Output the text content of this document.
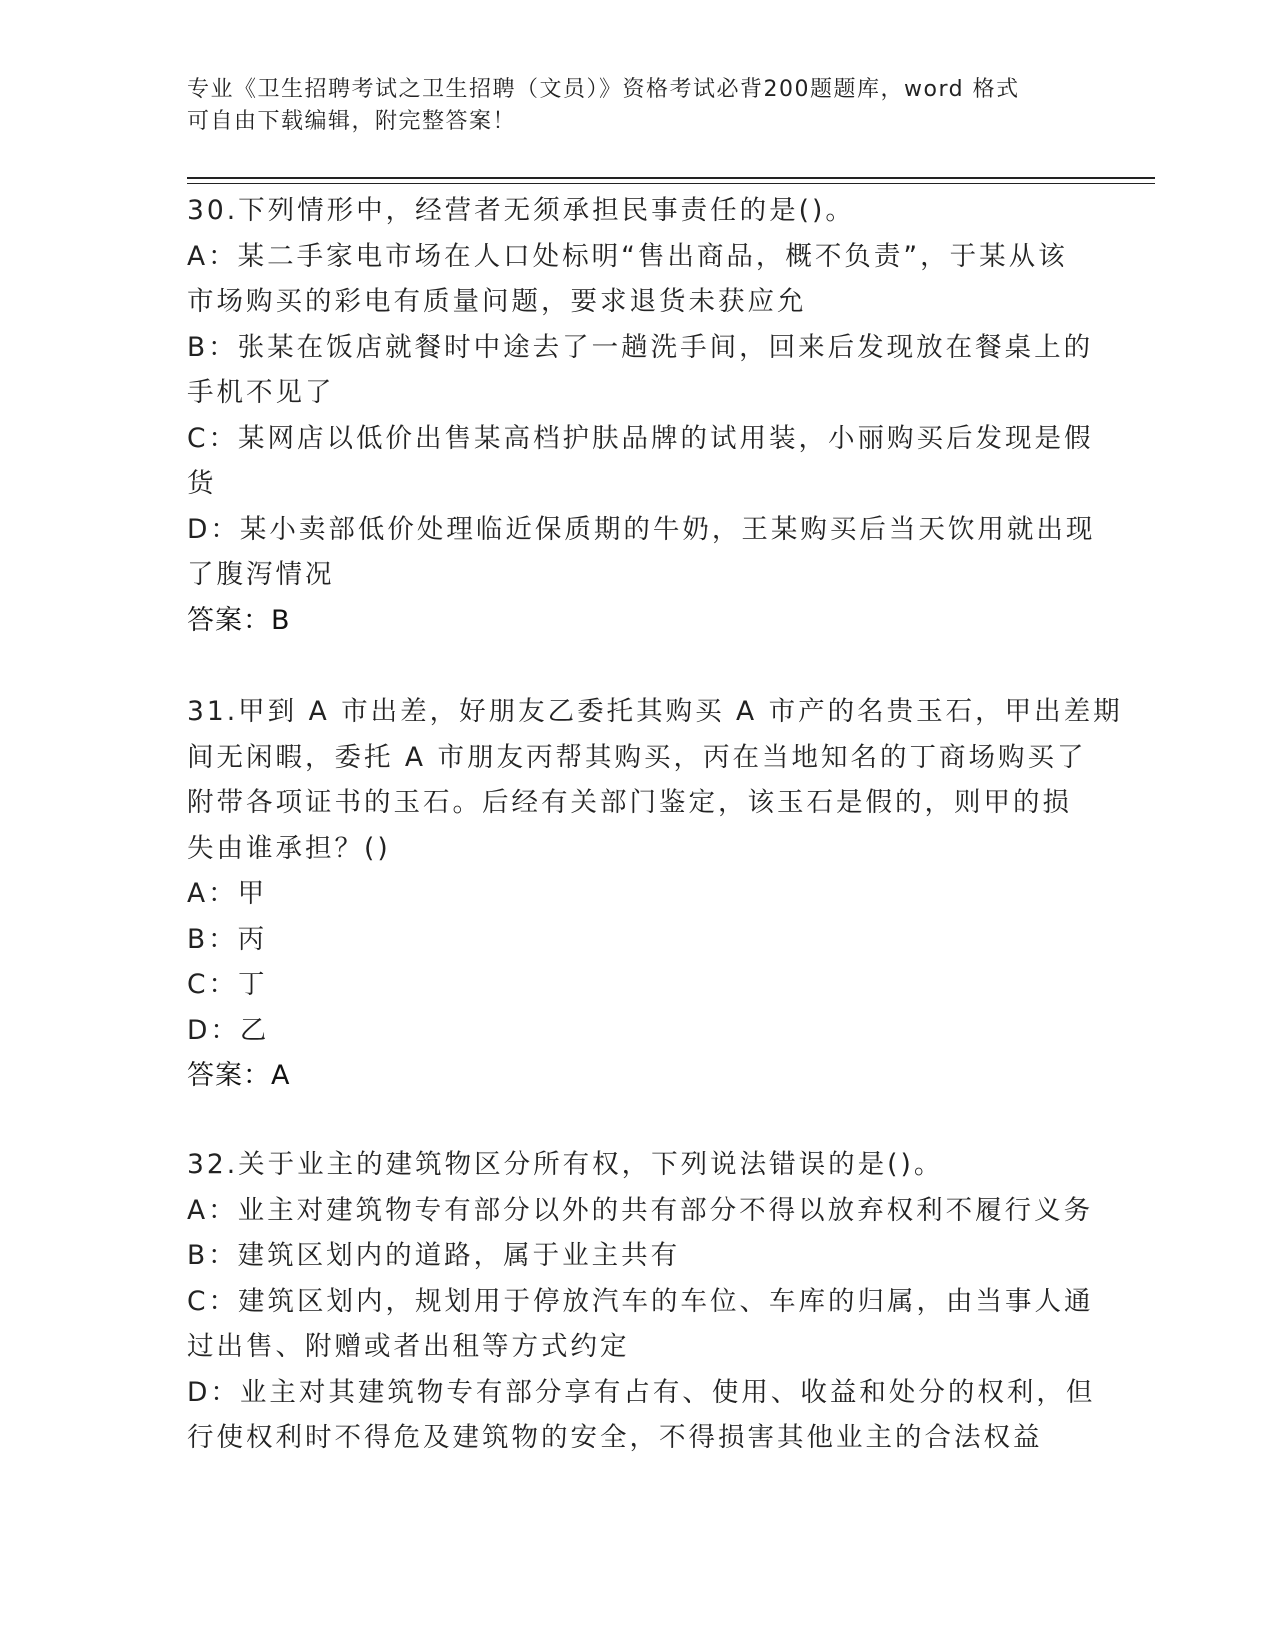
专业《卫生招聘考试之卫生招聘（文员）》资格考试必背200题题库，word 格式
可自由下载编辑，附完整答案！
30.下列情形中，经营者无须承担民事责任的是()。
A：某二手家电市场在人口处标明“售出商品，概不负责”，于某从该
市场购买的彩电有质量问题，要求退货未获应允
B：张某在饭店就餐时中途去了一趟洗手间，回来后发现放在餐桌上的
手机不见了
C：某网店以低价出售某高档护肤品牌的试用装，小丽购买后发现是假
货
D：某小卖部低价处理临近保质期的牛奶，王某购买后当天饮用就出现
了腹泻情况
答案：B
31.甲到 A 市出差，好朋友乙委托其购买 A 市产的名贵玉石，甲出差期
间无闲暇，委托 A 市朋友丙帮其购买，丙在当地知名的丁商场购买了
附带各项证书的玉石。后经有关部门鉴定，该玉石是假的，则甲的损
失由谁承担？()
A：甲
B：丙
C：丁
D：乙
答案：A
32.关于业主的建筑物区分所有权，下列说法错误的是()。
A：业主对建筑物专有部分以外的共有部分不得以放弃权利不履行义务
B：建筑区划内的道路，属于业主共有
C：建筑区划内，规划用于停放汽车的车位、车库的归属，由当事人通
过出售、附赠或者出租等方式约定
D：业主对其建筑物专有部分享有占有、使用、收益和处分的权利，但
行使权利时不得危及建筑物的安全，不得损害其他业主的合法权益
